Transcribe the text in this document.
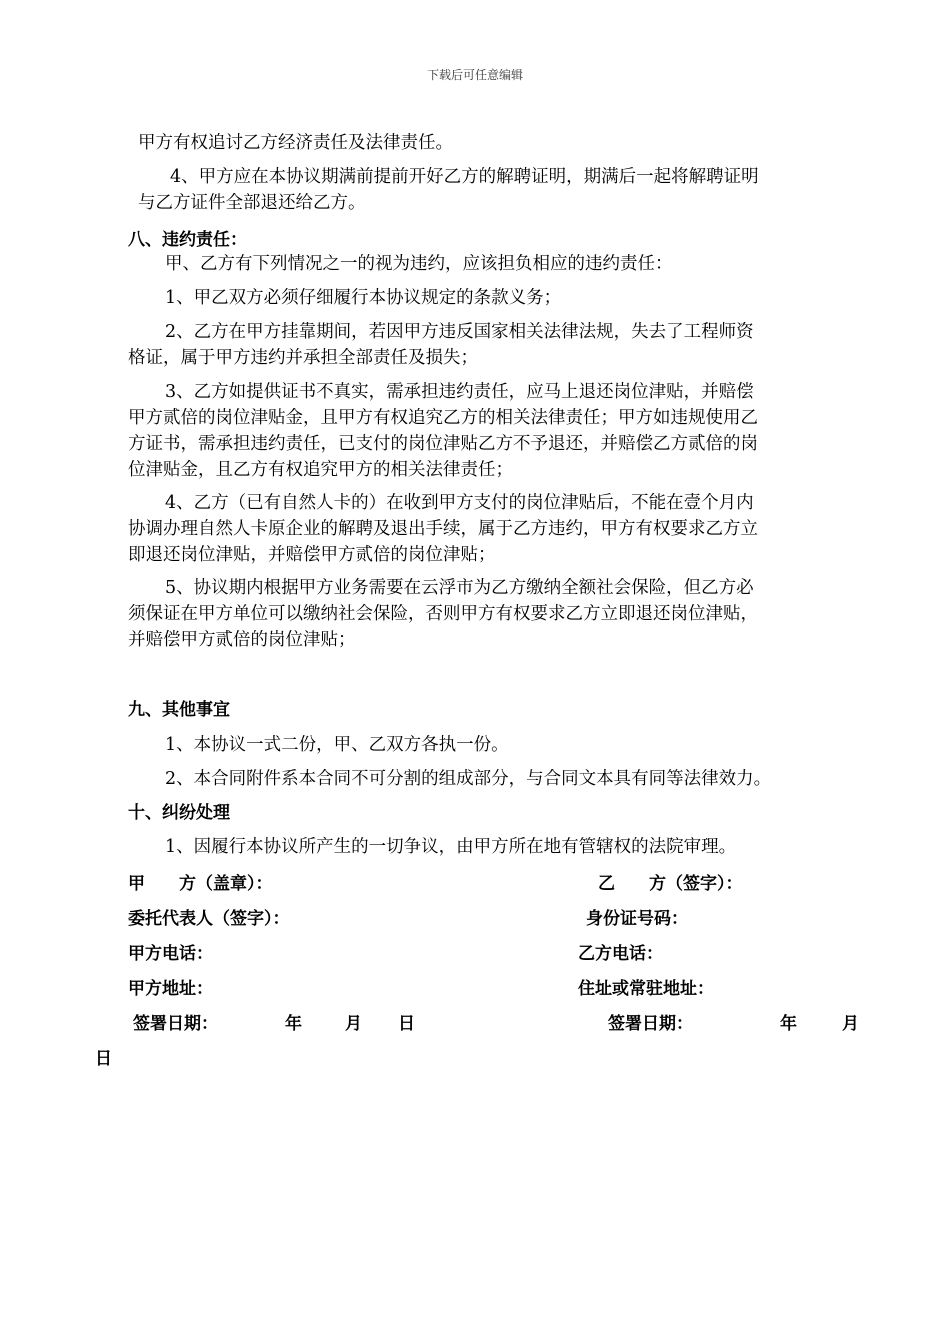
下载后可任意编辑
甲方有权追讨乙方经济责任及法律责任。
4、甲方应在本协议期满前提前开好乙方的解聘证明，期满后一起将解聘证明
与乙方证件全部退还给乙方。
八、违约责任：
甲、乙方有下列情况之一的视为违约，应该担负相应的违约责任：
1、甲乙双方必须仔细履行本协议规定的条款义务；
2、乙方在甲方挂靠期间，若因甲方违反国家相关法律法规，失去了工程师资
格证，属于甲方违约并承担全部责任及损失；
3、乙方如提供证书不真实，需承担违约责任，应马上退还岗位津贴，并赔偿
甲方贰倍的岗位津贴金，且甲方有权追究乙方的相关法律责任；甲方如违规使用乙
方证书，需承担违约责任，已支付的岗位津贴乙方不予退还，并赔偿乙方贰倍的岗
位津贴金，且乙方有权追究甲方的相关法律责任；
4、乙方（已有自然人卡的）在收到甲方支付的岗位津贴后，不能在壹个月内
协调办理自然人卡原企业的解聘及退出手续，属于乙方违约，甲方有权要求乙方立
即退还岗位津贴，并赔偿甲方贰倍的岗位津贴；
5、协议期内根据甲方业务需要在云浮市为乙方缴纳全额社会保险，但乙方必
须保证在甲方单位可以缴纳社会保险，否则甲方有权要求乙方立即退还岗位津贴，
并赔偿甲方贰倍的岗位津贴；
九、其他事宜
1、本协议一式二份，甲、乙双方各执一份。
2、本合同附件系本合同不可分割的组成部分，与合同文本具有同等法律效力。
十、纠纷处理
1、因履行本协议所产生的一切争议，由甲方所在地有管辖权的法院审理。
甲　　方（盖章）：	乙　　方（签字）：
委托代表人（签字）：	身份证号码：
甲方电话：	乙方电话：
甲方地址：	住址或常驻地址：
签署日期：	年	月 日	签署日期：	年	月
日
